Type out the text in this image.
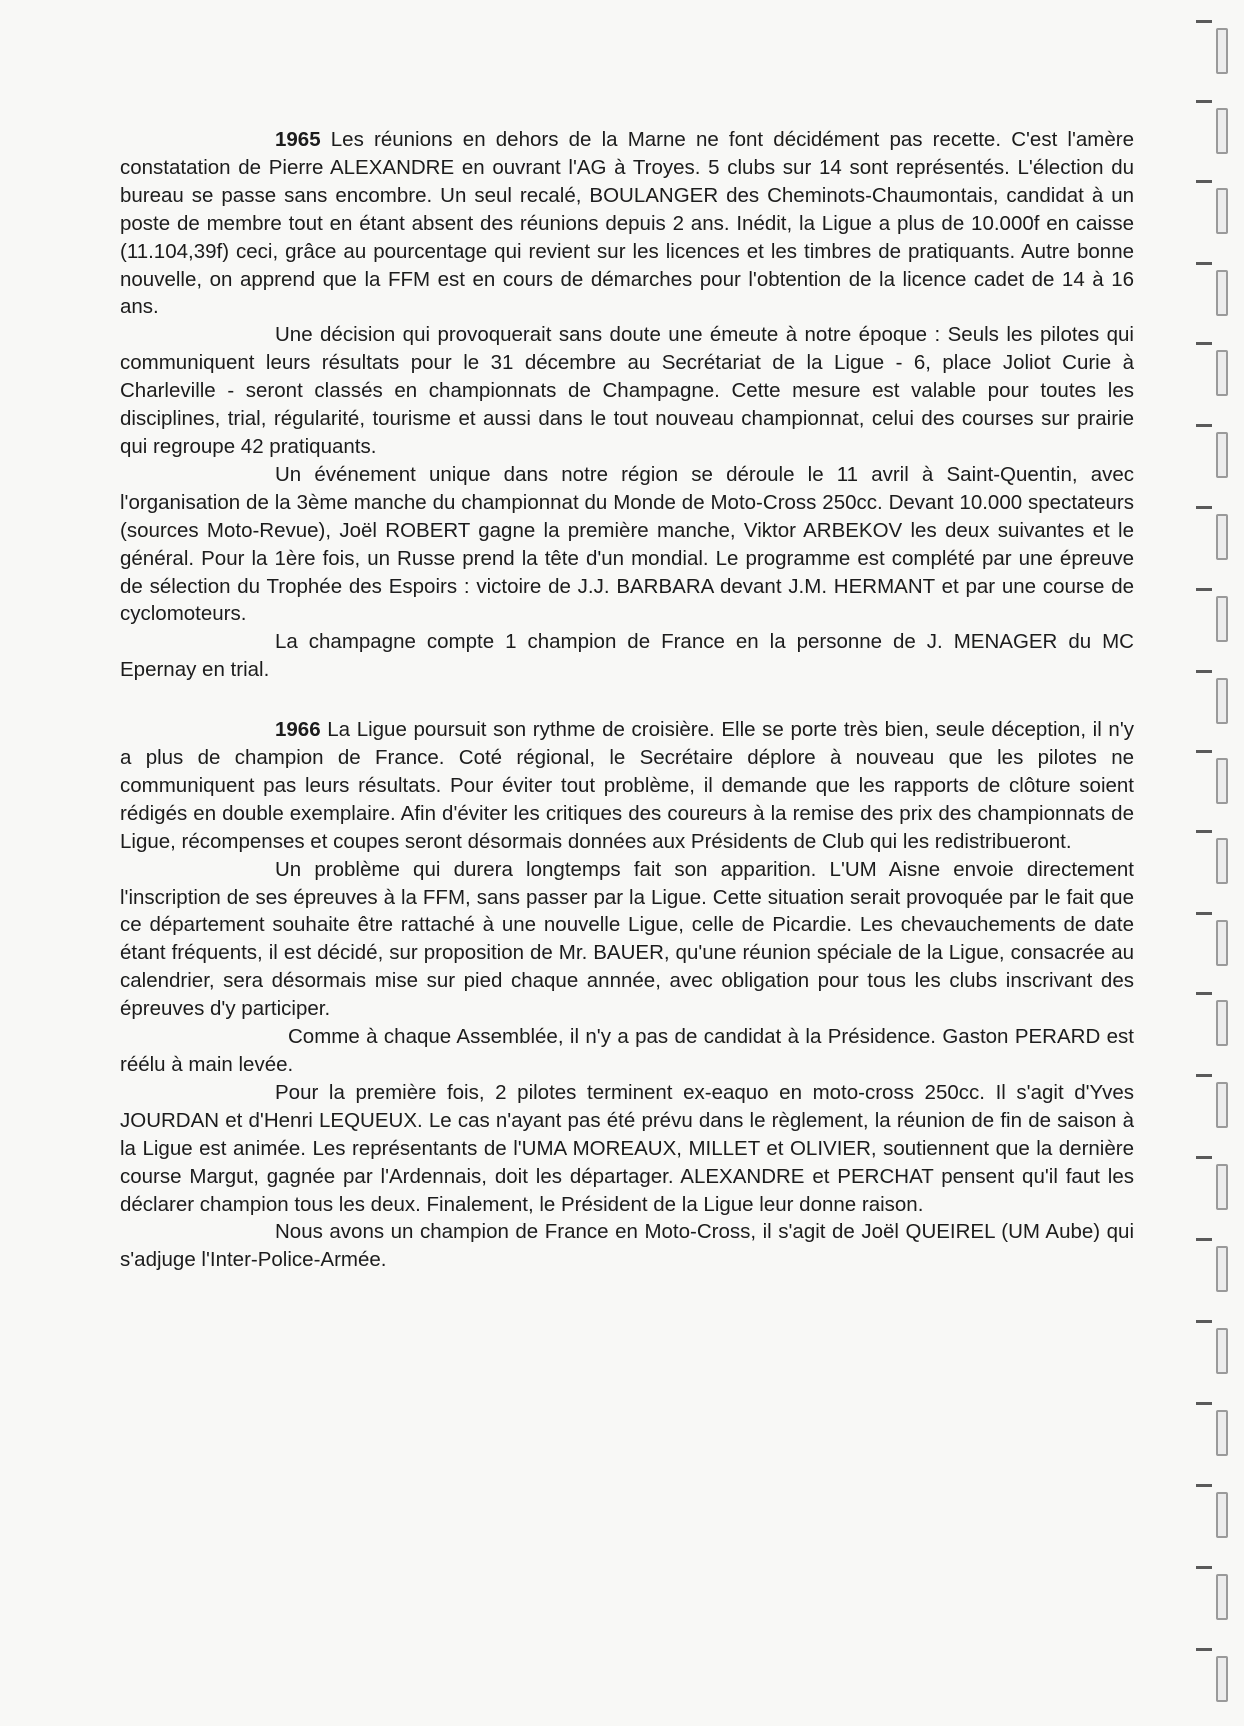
1965 Les réunions en dehors de la Marne ne font décidément pas recette. C'est l'amère constatation de Pierre ALEXANDRE en ouvrant l'AG à Troyes. 5 clubs sur 14 sont représentés. L'élection du bureau se passe sans encombre. Un seul recalé, BOULANGER des Cheminots-Chaumontais, candidat à un poste de membre tout en étant absent des réunions depuis 2 ans. Inédit, la Ligue a plus de 10.000f en caisse (11.104,39f) ceci, grâce au pourcentage qui revient sur les licences et les timbres de pratiquants. Autre bonne nouvelle, on apprend que la FFM est en cours de démarches pour l'obtention de la licence cadet de 14 à 16 ans.

Une décision qui provoquerait sans doute une émeute à notre époque : Seuls les pilotes qui communiquent leurs résultats pour le 31 décembre au Secrétariat de la Ligue - 6, place Joliot Curie à Charleville - seront classés en championnats de Champagne. Cette mesure est valable pour toutes les disciplines, trial, régularité, tourisme et aussi dans le tout nouveau championnat, celui des courses sur prairie qui regroupe 42 pratiquants.

Un événement unique dans notre région se déroule le 11 avril à Saint-Quentin, avec l'organisation de la 3ème manche du championnat du Monde de Moto-Cross 250cc. Devant 10.000 spectateurs (sources Moto-Revue), Joël ROBERT gagne la première manche, Viktor ARBEKOV les deux suivantes et le général. Pour la 1ère fois, un Russe prend la tête d'un mondial. Le programme est complété par une épreuve de sélection du Trophée des Espoirs : victoire de J.J. BARBARA devant J.M. HERMANT et par une course de cyclomoteurs.

La champagne compte 1 champion de France en la personne de J. MENAGER du MC Epernay en trial.

1966 La Ligue poursuit son rythme de croisière. Elle se porte très bien, seule déception, il n'y a plus de champion de France. Coté régional, le Secrétaire déplore à nouveau que les pilotes ne communiquent pas leurs résultats. Pour éviter tout problème, il demande que les rapports de clôture soient rédigés en double exemplaire. Afin d'éviter les critiques des coureurs à la remise des prix des championnats de Ligue, récompenses et coupes seront désormais données aux Présidents de Club qui les redistribueront.

Un problème qui durera longtemps fait son apparition. L'UM Aisne envoie directement l'inscription de ses épreuves à la FFM, sans passer par la Ligue. Cette situation serait provoquée par le fait que ce département souhaite être rattaché à une nouvelle Ligue, celle de Picardie. Les chevauchements de date étant fréquents, il est décidé, sur proposition de Mr. BAUER, qu'une réunion spéciale de la Ligue, consacrée au calendrier, sera désormais mise sur pied chaque annnée, avec obligation pour tous les clubs inscrivant des épreuves d'y participer.

Comme à chaque Assemblée, il n'y a pas de candidat à la Présidence. Gaston PERARD est réélu à main levée.

Pour la première fois, 2 pilotes terminent ex-eaquo en moto-cross 250cc. Il s'agit d'Yves JOURDAN et d'Henri LEQUEUX. Le cas n'ayant pas été prévu dans le règlement, la réunion de fin de saison à la Ligue est animée. Les représentants de l'UMA MOREAUX, MILLET et OLIVIER, soutiennent que la dernière course Margut, gagnée par l'Ardennais, doit les départager. ALEXANDRE et PERCHAT pensent qu'il faut les déclarer champion tous les deux. Finalement, le Président de la Ligue leur donne raison.

Nous avons un champion de France en Moto-Cross, il s'agit de Joël QUEIREL (UM Aube) qui s'adjuge l'Inter-Police-Armée.
